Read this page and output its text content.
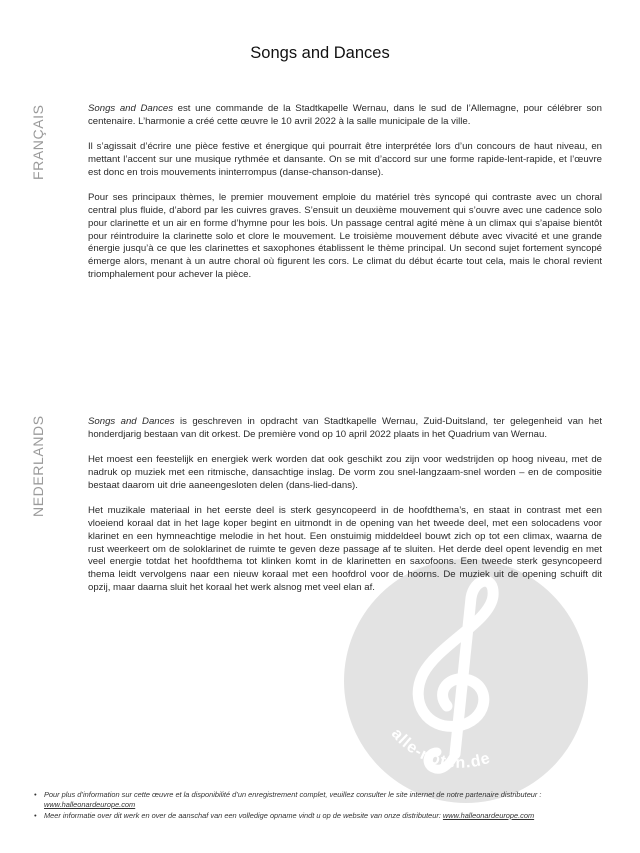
Songs and Dances
alle-noten.de
FRANÇAIS	Songs and Dances est une commande de la Stadtkapelle Wernau, dans le sud de l’Allemagne, pour célébrer son centenaire. L’harmonie a créé cette œuvre le 10 avril 2022 à la salle municipale de la ville.

Il s’agissait d’écrire une pièce festive et énergique qui pourrait être interprétée lors d’un concours de haut niveau, en mettant l’accent sur une musique rythmée et dansante. On se mit d’accord sur une forme rapide-lent-rapide, et l’œuvre est donc en trois mouvements ininterrompus (danse-chanson-danse).

Pour ses principaux thèmes, le premier mouvement emploie du matériel très syncopé qui contraste avec un choral central plus fluide, d’abord par les cuivres graves. S’ensuit un deuxième mouvement qui s’ouvre avec une cadence solo pour clarinette et un air en forme d’hymne pour les bois. Un passage central agité mène à un climax qui s’apaise bientôt pour réintroduire la clarinette solo et clore le mouvement. Le troisième mouvement débute avec vivacité et une grande énergie jusqu’à ce que les clarinettes et saxophones établissent le thème principal. Un second sujet fortement syncopé émerge alors, menant à un autre choral où figurent les cors. Le climat du début écarte tout cela, mais le choral revient triomphalement pour achever la pièce.

NEDERLANDS	Songs and Dances is geschreven in opdracht van Stadtkapelle Wernau, Zuid-Duitsland, ter gelegenheid van het honderdjarig bestaan van dit orkest. De première vond op 10 april 2022 plaats in het Quadrium van Wernau.

Het moest een feestelijk en energiek werk worden dat ook geschikt zou zijn voor wedstrijden op hoog niveau, met de nadruk op muziek met een ritmische, dansachtige inslag. De vorm zou snel-langzaam-snel worden – en de compositie bestaat daarom uit drie aaneengesloten delen (dans-lied-dans).

Het muzikale materiaal in het eerste deel is sterk gesyncopeerd in de hoofdthema’s, en staat in contrast met een vloeiend koraal dat in het lage koper begint en uitmondt in de opening van het tweede deel, met een solocadens voor klarinet en een hymneachtige melodie in het hout. Een onstuimig middeldeel bouwt zich op tot een climax, waarna de rust weerkeert om de soloklarinet de ruimte te geven deze passage af te sluiten. Het derde deel opent levendig en met veel energie totdat het hoofdthema tot klinken komt in de klarinetten en saxofoons. Een tweede sterk gesyncopeerd thema leidt vervolgens naar een nieuw koraal met een hoofdrol voor de hoorns. De muziek uit de opening schuift dit opzij, maar daarna sluit het koraal het werk alsnog met veel elan af.

• Pour plus d’information sur cette œuvre et la disponibilité d’un enregistrement complet, veuillez consulter le site internet de notre partenaire distributeur :
www.halleonardeurope.com
• Meer informatie over dit werk en over de aanschaf van een volledige opname vindt u op de website van onze distributeur: www.halleonardeurope.com
